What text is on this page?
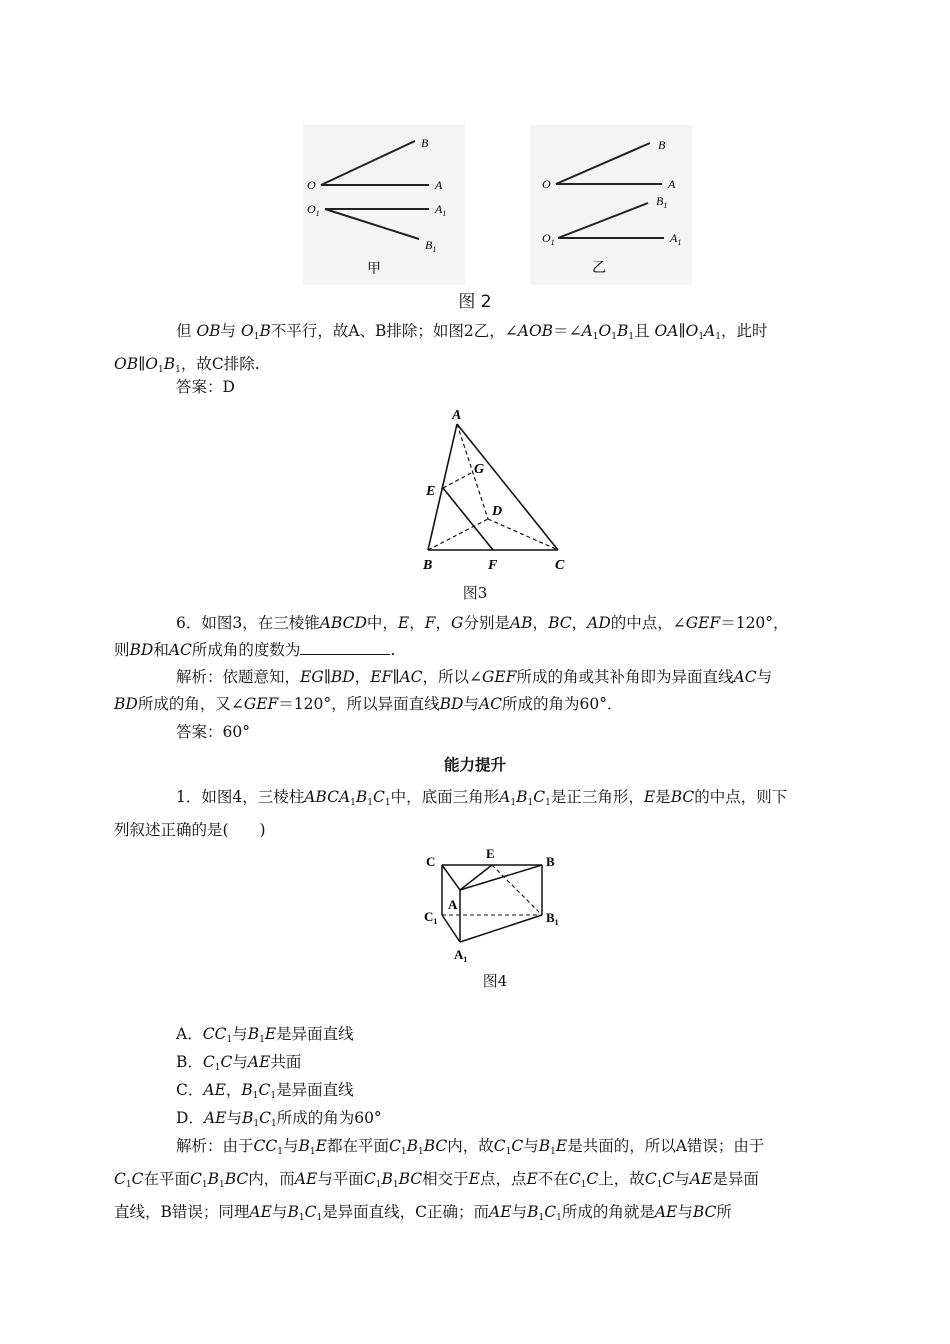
B
O	A
$O_1$	$A_1$
$B_1$
甲
B
O	A
$B_1$
$O_1$	$A_1$
乙
图 2
但 OB与 $O_1B$不平行，故A、B排除；如图2乙，$\angle AOB=\angle A_1O_1B_1$且 $OA\parallel O_1A_1$，此时
$OB\parallel O_1B_1$，故C排除.
答案：D
A
G
E
D
B	F	C
图3
6．如图3，在三棱锥ABCD中，E，F，G分别是AB，BC，AD的中点，∠GEF＝120°，
则BD和AC所成角的度数为	.
解析：依题意知，EG∥BD，EF∥AC，所以∠GEF所成的角或其补角即为异面直线AC与
BD所成的角，又∠GEF＝120°，所以异面直线BD与AC所成的角为60°．
答案：60°
能力提升
1．如图4，三棱柱$ABCA_1B_1C_1$中，底面三角形$A_1B_1C_1$是正三角形，E是BC的中点，则下
列叙述正确的是(　　)
C
E
B
A
$C_1$	$B_1$
$A_1$
图4
A．$CC_1$与$B_1E$是异面直线
B．$C_1C$与AE共面
C．AE，$B_1C_1$是异面直线
D．AE与$B_1C_1$所成的角为60°
解析：由于$CC_1$与$B_1E$都在平面$C_1B_1BC$内，故$C_1C$与$B_1E$是共面的，所以A错误；由于
$C_1C$在平面$C_1B_1BC$内，而AE与平面$C_1B_1BC$相交于E点，点E不在$C_1C$上，故$C_1C$与AE是异面
直线，B错误；同理AE与$B_1C_1$是异面直线，C正确；而AE与$B_1C_1$所成的角就是AE与BC所
